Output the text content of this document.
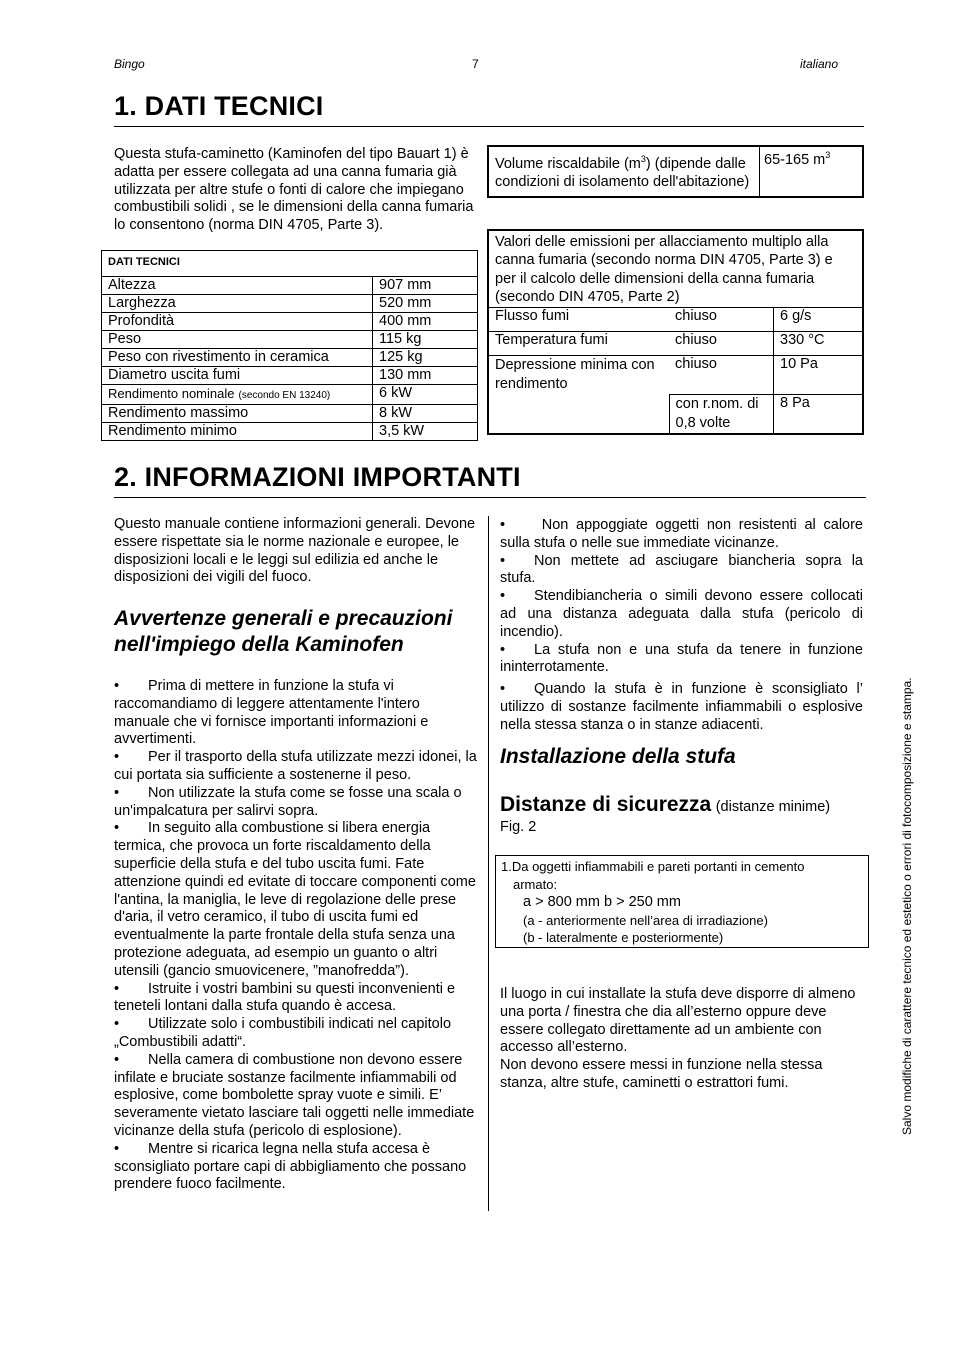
Bingo	7	italiano
1. DATI TECNICI
Questa stufa-caminetto (Kaminofen del tipo Bauart 1) è adatta per essere collegata ad una canna fumaria già utilizzata per altre stufe o fonti di calore che impiegano combustibili solidi , se le dimensioni della canna fumaria lo consentono (norma DIN 4705, Parte 3).
DATI TECNICI	
Altezza	907 mm
Larghezza	520 mm
Profondità	400 mm
Peso	115 kg
Peso con rivestimento in ceramica	125 kg
Diametro uscita fumi	130 mm
Rendimento nominale (secondo EN 13240)	6 kW
Rendimento massimo	8 kW
Rendimento minimo	3,5 kW
Volume riscaldabile $(m^3)$ (dipende dalle condizioni di isolamento dell'abitazione)	65-165 $m^3$
Valori delle emissioni per allacciamento multiplo alla canna fumaria (secondo norma DIN 4705, Parte 3) e per il calcolo delle dimensioni della canna fumaria (secondo DIN 4705, Parte 2)		
Flusso fumi	chiuso	6 g/s
Temperatura fumi	chiuso	330 °C
Depressione minima con rendimento	chiuso	10 Pa
	con r.nom. di 0,8 volte	8 Pa
2. INFORMAZIONI IMPORTANTI
Questo manuale contiene informazioni generali. Devone essere rispettate sia le norme nazionale e europee, le disposizioni locali e le leggi sul edilizia ed anche le disposizioni dei vigili del fuoco.
Avvertenze generali e precauzioni nell'impiego della Kaminofen

• Prima di mettere in funzione la stufa vi raccomandiamo di leggere attentamente l'intero manuale che vi fornisce importanti informazioni e avvertimenti.

• Per il trasporto della stufa utilizzate mezzi idonei, la cui portata sia sufficiente a sostenerne il peso.

• Non utilizzate la stufa come se fosse una scala o un'impalcatura per salirvi sopra.

• In seguito alla combustione si libera energia termica, che provoca un forte riscaldamento della superficie della stufa e del tubo uscita fumi. Fate attenzione quindi ed evitate di toccare componenti come l'antina, la maniglia, le leve di regolazione delle prese d'aria, il vetro ceramico, il tubo di uscita fumi ed eventualmente la parte frontale della stufa senza una protezione adeguata, ad esempio un guanto o altri utensili (gancio smuovicenere, ”manofredda”).

• Istruite i vostri bambini su questi inconvenienti e teneteli lontani dalla stufa quando è accesa.

• Utilizzate solo i combustibili indicati nel capitolo „Combustibili adatti“.

• Nella camera di combustione non devono essere infilate e bruciate sostanze facilmente infiammabili od esplosive, come bombolette spray vuote e simili. E’ severamente vietato lasciare tali oggetti nelle immediate vicinanze della stufa (pericolo di esplosione).

• Mentre si ricarica legna nella stufa accesa è sconsigliato portare capi di abbigliamento che possano prendere fuoco facilmente.

• Non appoggiate oggetti non resistenti al calore sulla stufa o nelle sue immediate vicinanze.

• Non mettete ad asciugare biancheria sopra la stufa.

• Stendibiancheria o simili devono essere collocati ad una distanza adeguata dalla stufa (pericolo di incendio).

• La stufa non e una stufa da tenere in funzione ininterrotamente.

• Quando la stufa è in funzione è sconsigliato l’ utilizzo di sostanze facilmente infiammabili o esplosive nella stessa stanza o in stanze adiacenti.

Installazione della stufa
Distanze di sicurezza (distanze minime)
Fig. 2
1.Da oggetti infiammabili e pareti portanti in cemento
armato:
a > 800 mm b > 250 mm
(a - anteriormente nell’area di irradiazione)
(b - lateralmente e posteriormente)
Il luogo in cui installate la stufa deve disporre di almeno una porta / finestra che dia all’esterno oppure deve essere collegato direttamente ad un ambiente con accesso all’esterno.
Non devono essere messi in funzione nella stessa stanza, altre stufe, caminetti o estrattori fumi.	Salvo modifiche di carattere tecnico ed estetico o errori di fotocomposizione e stampa.
